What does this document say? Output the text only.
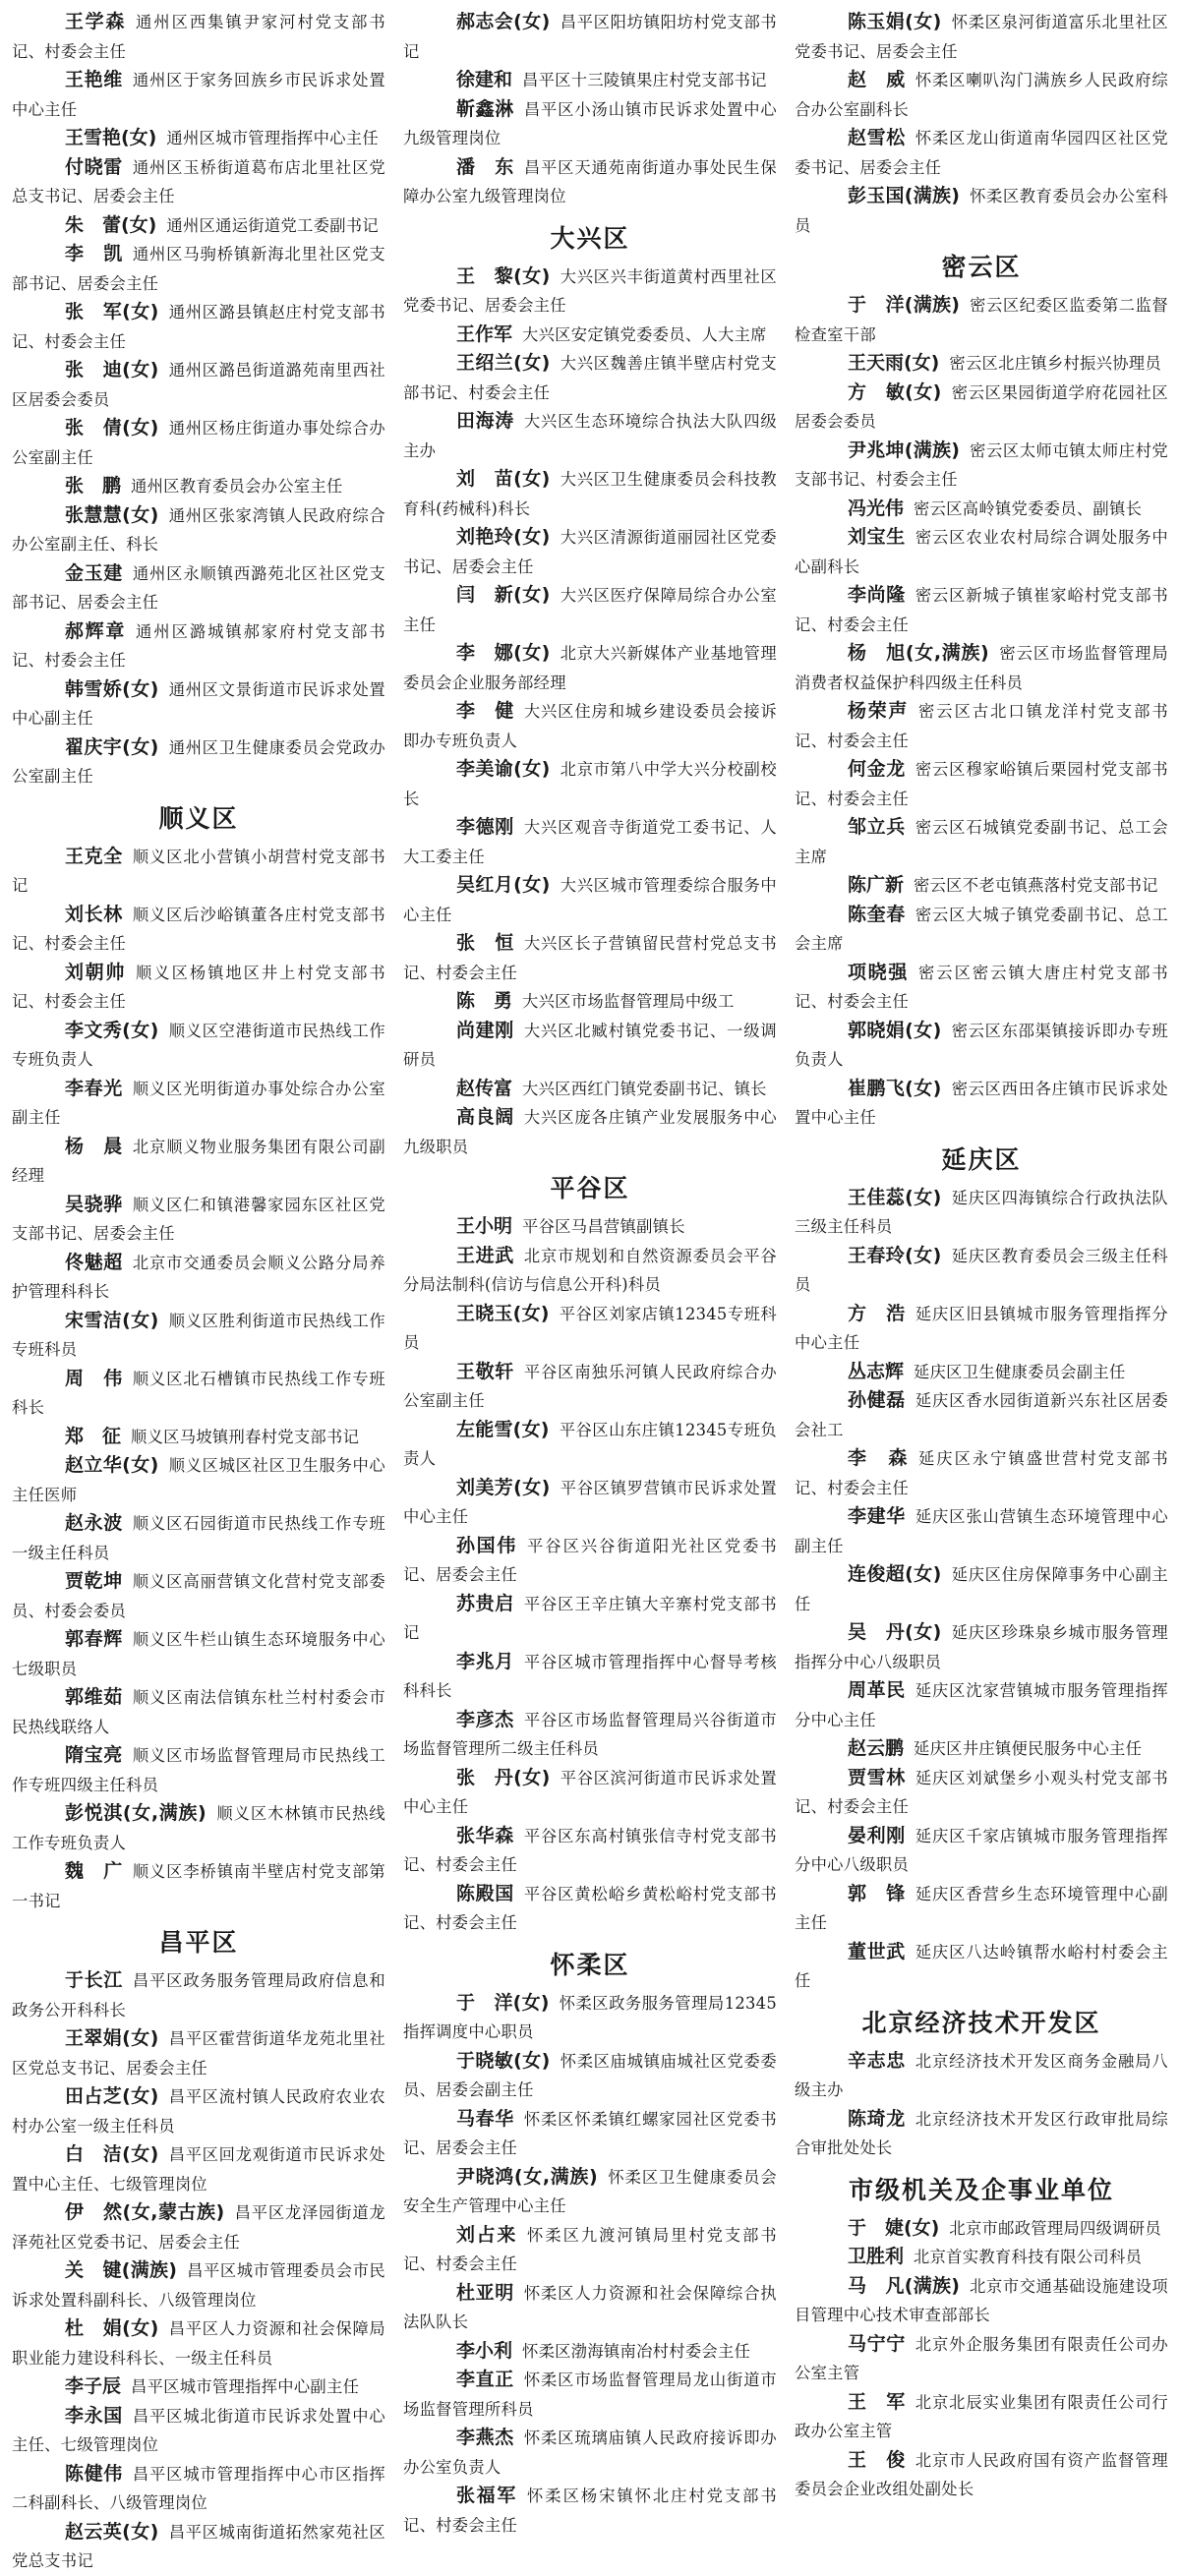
王学森 通州区西集镇尹家河村党支部书记、村委会主任

王艳维 通州区于家务回族乡市民诉求处置中心主任

王雪艳(女) 通州区城市管理指挥中心主任

付晓雷 通州区玉桥街道葛布店北里社区党总支书记、居委会主任

朱　蕾(女) 通州区通运街道党工委副书记

李　凯 通州区马驹桥镇新海北里社区党支部书记、居委会主任

张　军(女) 通州区潞县镇赵庄村党支部书记、村委会主任

张　迪(女) 通州区潞邑街道潞苑南里西社区居委会委员

张　倩(女) 通州区杨庄街道办事处综合办公室副主任

张　鹏 通州区教育委员会办公室主任

张慧慧(女) 通州区张家湾镇人民政府综合办公室副主任、科长

金玉建 通州区永顺镇西潞苑北区社区党支部书记、居委会主任

郝辉章 通州区潞城镇郝家府村党支部书记、村委会主任

韩雪娇(女) 通州区文景街道市民诉求处置中心副主任

翟庆宇(女) 通州区卫生健康委员会党政办公室副主任

顺义区

王克全 顺义区北小营镇小胡营村党支部书记

刘长林 顺义区后沙峪镇董各庄村党支部书记、村委会主任

刘朝帅 顺义区杨镇地区井上村党支部书记、村委会主任

李文秀(女) 顺义区空港街道市民热线工作专班负责人

李春光 顺义区光明街道办事处综合办公室副主任

杨　晨 北京顺义物业服务集团有限公司副经理

吴骁骅 顺义区仁和镇港馨家园东区社区党支部书记、居委会主任

佟魅超 北京市交通委员会顺义公路分局养护管理科科长

宋雪洁(女) 顺义区胜利街道市民热线工作专班科员

周　伟 顺义区北石槽镇市民热线工作专班科长

郑　征 顺义区马坡镇刑春村党支部书记

赵立华(女) 顺义区城区社区卫生服务中心主任医师

赵永波 顺义区石园街道市民热线工作专班一级主任科员

贾乾坤 顺义区高丽营镇文化营村党支部委员、村委会委员

郭春辉 顺义区牛栏山镇生态环境服务中心七级职员

郭维茹 顺义区南法信镇东杜兰村村委会市民热线联络人

隋宝亮 顺义区市场监督管理局市民热线工作专班四级主任科员

彭悦淇(女,满族) 顺义区木林镇市民热线工作专班负责人

魏　广 顺义区李桥镇南半壁店村党支部第一书记

昌平区

于长江 昌平区政务服务管理局政府信息和政务公开科科长

王翠娟(女) 昌平区霍营街道华龙苑北里社区党总支书记、居委会主任

田占芝(女) 昌平区流村镇人民政府农业农村办公室一级主任科员

白　洁(女) 昌平区回龙观街道市民诉求处置中心主任、七级管理岗位

伊　然(女,蒙古族) 昌平区龙泽园街道龙泽苑社区党委书记、居委会主任

关　键(满族) 昌平区城市管理委员会市民诉求处置科副科长、八级管理岗位

杜　娟(女) 昌平区人力资源和社会保障局职业能力建设科科长、一级主任科员

李子辰 昌平区城市管理指挥中心副主任

李永国 昌平区城北街道市民诉求处置中心主任、七级管理岗位

陈健伟 昌平区城市管理指挥中心市区指挥二科副科长、八级管理岗位

赵云英(女) 昌平区城南街道拓然家苑社区党总支书记

郝志会(女) 昌平区阳坊镇阳坊村党支部书记

徐建和 昌平区十三陵镇果庄村党支部书记

靳鑫淋 昌平区小汤山镇市民诉求处置中心九级管理岗位

潘　东 昌平区天通苑南街道办事处民生保障办公室九级管理岗位

大兴区

王　黎(女) 大兴区兴丰街道黄村西里社区党委书记、居委会主任

王作军 大兴区安定镇党委委员、人大主席

王绍兰(女) 大兴区魏善庄镇半壁店村党支部书记、村委会主任

田海涛 大兴区生态环境综合执法大队四级主办

刘　苗(女) 大兴区卫生健康委员会科技教育科(药械科)科长

刘艳玲(女) 大兴区清源街道丽园社区党委书记、居委会主任

闫　新(女) 大兴区医疗保障局综合办公室主任

李　娜(女) 北京大兴新媒体产业基地管理委员会企业服务部经理

李　健 大兴区住房和城乡建设委员会接诉即办专班负责人

李美谕(女) 北京市第八中学大兴分校副校长

李德刚 大兴区观音寺街道党工委书记、人大工委主任

吴红月(女) 大兴区城市管理委综合服务中心主任

张　恒 大兴区长子营镇留民营村党总支书记、村委会主任

陈　勇 大兴区市场监督管理局中级工

尚建刚 大兴区北臧村镇党委书记、一级调研员

赵传富 大兴区西红门镇党委副书记、镇长

高良阔 大兴区庞各庄镇产业发展服务中心九级职员

平谷区

王小明 平谷区马昌营镇副镇长

王进武 北京市规划和自然资源委员会平谷分局法制科(信访与信息公开科)科员

王晓玉(女) 平谷区刘家店镇12345专班科员

王敬轩 平谷区南独乐河镇人民政府综合办公室副主任

左能雪(女) 平谷区山东庄镇12345专班负责人

刘美芳(女) 平谷区镇罗营镇市民诉求处置中心主任

孙国伟 平谷区兴谷街道阳光社区党委书记、居委会主任

苏贵启 平谷区王辛庄镇大辛寨村党支部书记

李兆月 平谷区城市管理指挥中心督导考核科科长

李彦杰 平谷区市场监督管理局兴谷街道市场监督管理所二级主任科员

张　丹(女) 平谷区滨河街道市民诉求处置中心主任

张华森 平谷区东高村镇张信寺村党支部书记、村委会主任

陈殿国 平谷区黄松峪乡黄松峪村党支部书记、村委会主任

怀柔区

于　洋(女) 怀柔区政务服务管理局12345指挥调度中心职员

于晓敏(女) 怀柔区庙城镇庙城社区党委委员、居委会副主任

马春华 怀柔区怀柔镇红螺家园社区党委书记、居委会主任

尹晓鸿(女,满族) 怀柔区卫生健康委员会安全生产管理中心主任

刘占来 怀柔区九渡河镇局里村党支部书记、村委会主任

杜亚明 怀柔区人力资源和社会保障综合执法队队长

李小利 怀柔区渤海镇南冶村村委会主任

李直正 怀柔区市场监督管理局龙山街道市场监督管理所科员

李燕杰 怀柔区琉璃庙镇人民政府接诉即办办公室负责人

张福军 怀柔区杨宋镇怀北庄村党支部书记、村委会主任

陈玉娟(女) 怀柔区泉河街道富乐北里社区党委书记、居委会主任

赵　威 怀柔区喇叭沟门满族乡人民政府综合办公室副科长

赵雪松 怀柔区龙山街道南华园四区社区党委书记、居委会主任

彭玉国(满族) 怀柔区教育委员会办公室科员

密云区

于　洋(满族) 密云区纪委区监委第二监督检查室干部

王天雨(女) 密云区北庄镇乡村振兴协理员

方　敏(女) 密云区果园街道学府花园社区居委会委员

尹兆坤(满族) 密云区太师屯镇太师庄村党支部书记、村委会主任

冯光伟 密云区高岭镇党委委员、副镇长

刘宝生 密云区农业农村局综合调处服务中心副科长

李尚隆 密云区新城子镇崔家峪村党支部书记、村委会主任

杨　旭(女,满族) 密云区市场监督管理局消费者权益保护科四级主任科员

杨荣声 密云区古北口镇龙洋村党支部书记、村委会主任

何金龙 密云区穆家峪镇后栗园村党支部书记、村委会主任

邹立兵 密云区石城镇党委副书记、总工会主席

陈广新 密云区不老屯镇燕落村党支部书记

陈奎春 密云区大城子镇党委副书记、总工会主席

项晓强 密云区密云镇大唐庄村党支部书记、村委会主任

郭晓娟(女) 密云区东邵渠镇接诉即办专班负责人

崔鹏飞(女) 密云区西田各庄镇市民诉求处置中心主任

延庆区

王佳蕊(女) 延庆区四海镇综合行政执法队三级主任科员

王春玲(女) 延庆区教育委员会三级主任科员

方　浩 延庆区旧县镇城市服务管理指挥分中心主任

丛志辉 延庆区卫生健康委员会副主任

孙健磊 延庆区香水园街道新兴东社区居委会社工

李　森 延庆区永宁镇盛世营村党支部书记、村委会主任

李建华 延庆区张山营镇生态环境管理中心副主任

连俊超(女) 延庆区住房保障事务中心副主任

吴　丹(女) 延庆区珍珠泉乡城市服务管理指挥分中心八级职员

周革民 延庆区沈家营镇城市服务管理指挥分中心主任

赵云鹏 延庆区井庄镇便民服务中心主任

贾雪林 延庆区刘斌堡乡小观头村党支部书记、村委会主任

晏利刚 延庆区千家店镇城市服务管理指挥分中心八级职员

郭　锋 延庆区香营乡生态环境管理中心副主任

董世武 延庆区八达岭镇帮水峪村村委会主任

北京经济技术开发区

辛志忠 北京经济技术开发区商务金融局八级主办

陈琦龙 北京经济技术开发区行政审批局综合审批处处长

市级机关及企事业单位

于　婕(女) 北京市邮政管理局四级调研员

卫胜利 北京首实教育科技有限公司科员

马　凡(满族) 北京市交通基础设施建设项目管理中心技术审查部部长

马宁宁 北京外企服务集团有限责任公司办公室主管

王　军 北京北辰实业集团有限责任公司行政办公室主管

王　俊 北京市人民政府国有资产监督管理委员会企业改组处副处长
